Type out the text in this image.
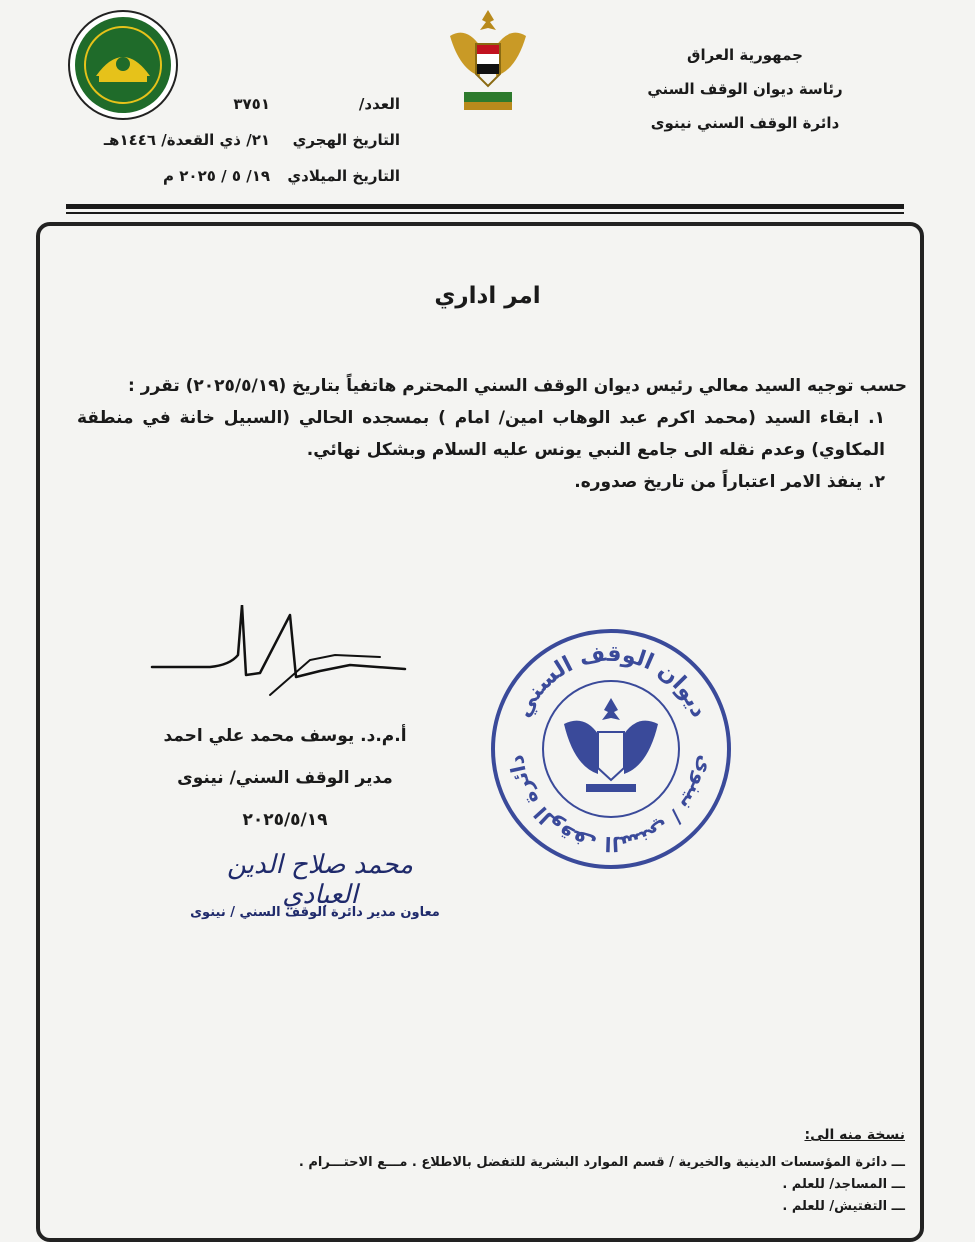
جمهورية العراق
رئاسة ديوان الوقف السني
دائرة الوقف السني نينوى
العدد/
٣٧٥١
التاريخ الهجري
٢١/ ذي القعدة/ ١٤٤٦هـ
التاريخ الميلادي
١٩/ ٥ / ٢٠٢٥ م
امر اداري

حسب توجيه السيد معالي رئيس ديوان الوقف السني المحترم هاتفياً بتاريخ (٢٠٢٥/٥/١٩) تقرر :

١. ابقاء السيد (محمد اكرم عبد الوهاب امين/ امام ) بمسجده الحالي (السبيل خانة في منطقة المكاوي) وعدم نقله الى جامع النبي يونس عليه السلام وبشكل نهائي.

٢. ينفذ الامر اعتباراً من تاريخ صدوره.

ديوان الوقف السني
دائرة الوقف السني / نينوى
أ.م.د. يوسف محمد علي احمد
مدير الوقف السني/ نينوى
٢٠٢٥/٥/١٩
محمد صلاح الدين العبادي
معاون مدير دائرة الوقف السني / نينوى
نسخة منه الى:
ـــ دائرة المؤسسات الدينية والخيرية / قسم الموارد البشرية للتفضل بالاطلاع . مـــع الاحتـــرام .
ـــ المساجد/ للعلم .
ـــ التفتيش/ للعلم .
